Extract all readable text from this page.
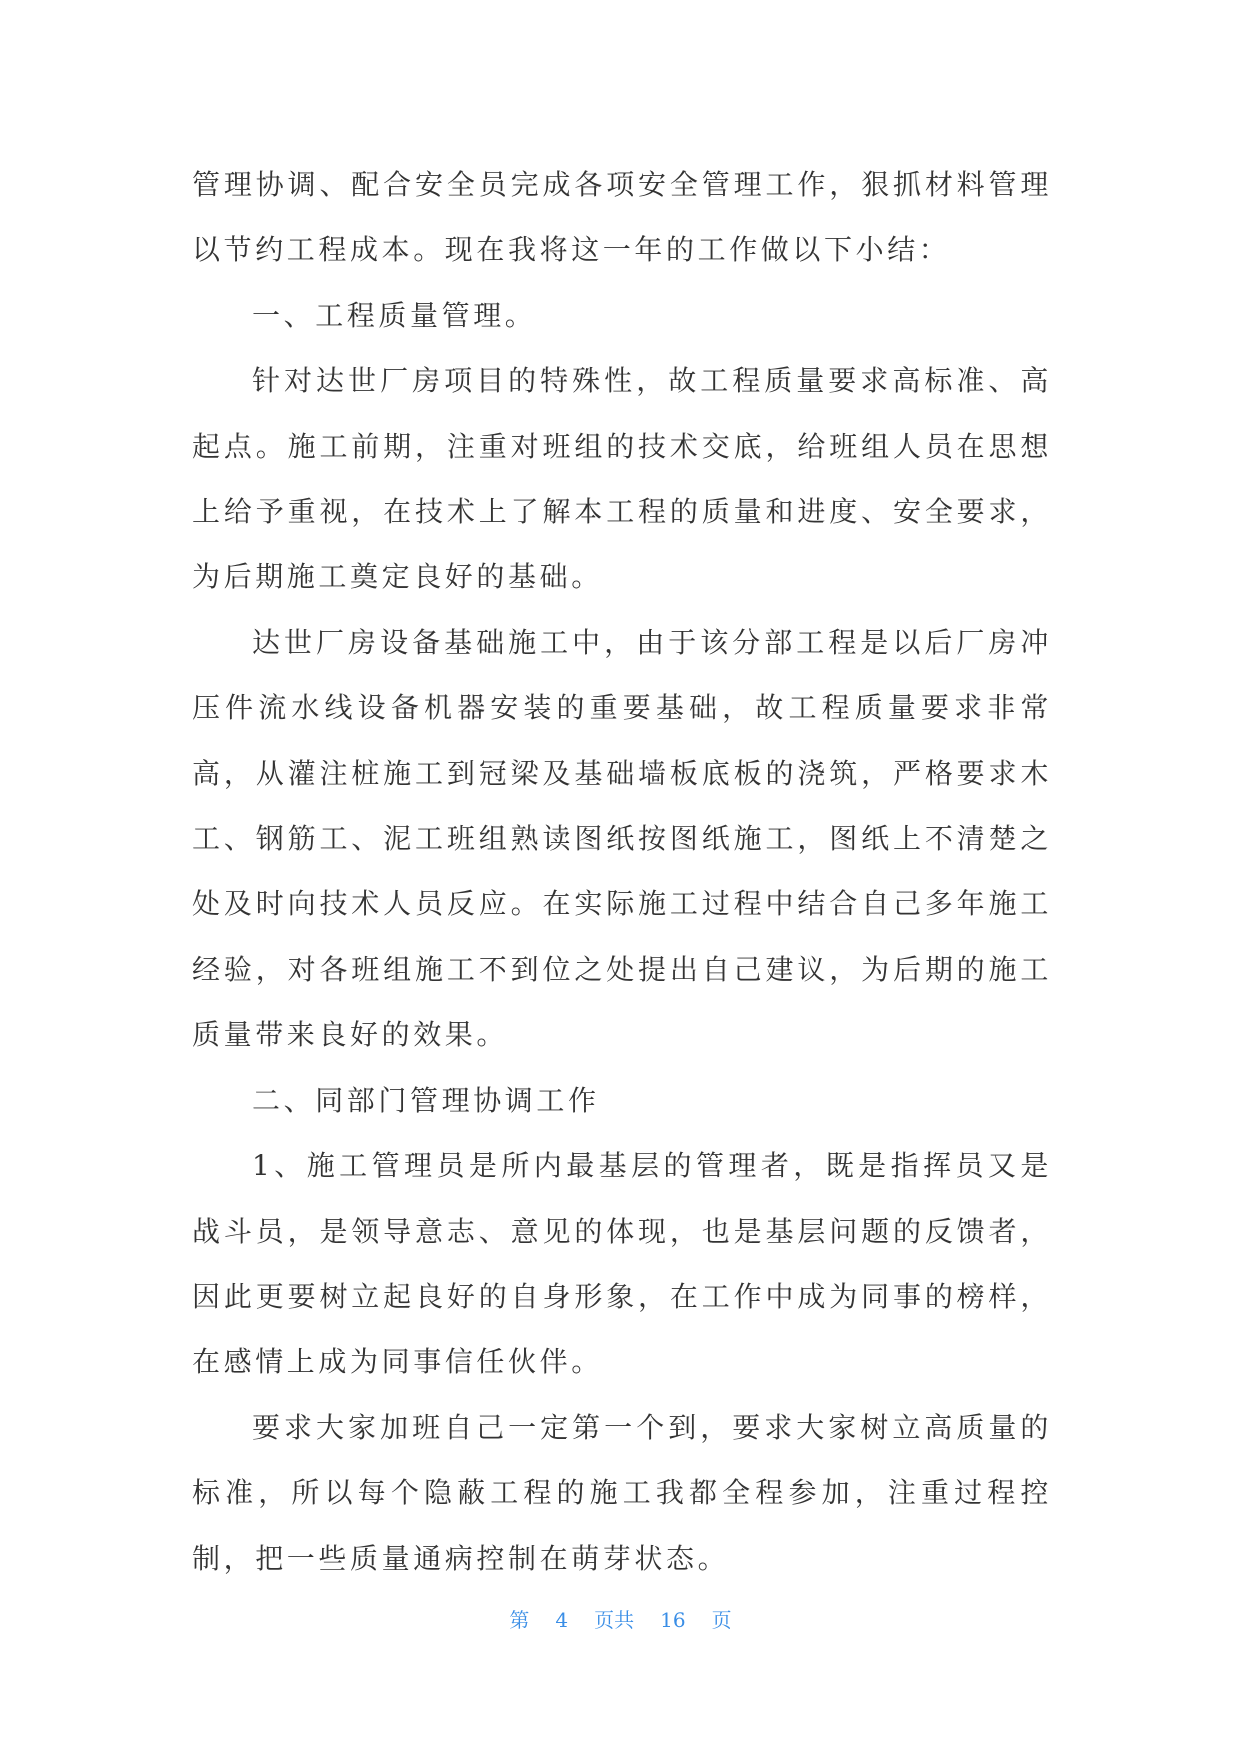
管理协调、配合安全员完成各项安全管理工作，狠抓材料管理以节约工程成本。现在我将这一年的工作做以下小结：

一、工程质量管理。

针对达世厂房项目的特殊性，故工程质量要求高标准、高起点。施工前期，注重对班组的技术交底，给班组人员在思想上给予重视，在技术上了解本工程的质量和进度、安全要求，为后期施工奠定良好的基础。

达世厂房设备基础施工中，由于该分部工程是以后厂房冲压件流水线设备机器安装的重要基础，故工程质量要求非常高，从灌注桩施工到冠梁及基础墙板底板的浇筑，严格要求木工、钢筋工、泥工班组熟读图纸按图纸施工，图纸上不清楚之处及时向技术人员反应。在实际施工过程中结合自己多年施工经验，对各班组施工不到位之处提出自己建议，为后期的施工质量带来良好的效果。

二、同部门管理协调工作

1、施工管理员是所内最基层的管理者，既是指挥员又是战斗员，是领导意志、意见的体现，也是基层问题的反馈者，因此更要树立起良好的自身形象，在工作中成为同事的榜样，在感情上成为同事信任伙伴。

要求大家加班自己一定第一个到，要求大家树立高质量的标准，所以每个隐蔽工程的施工我都全程参加，注重过程控制，把一些质量通病控制在萌芽状态。

第 4 页共 16 页
